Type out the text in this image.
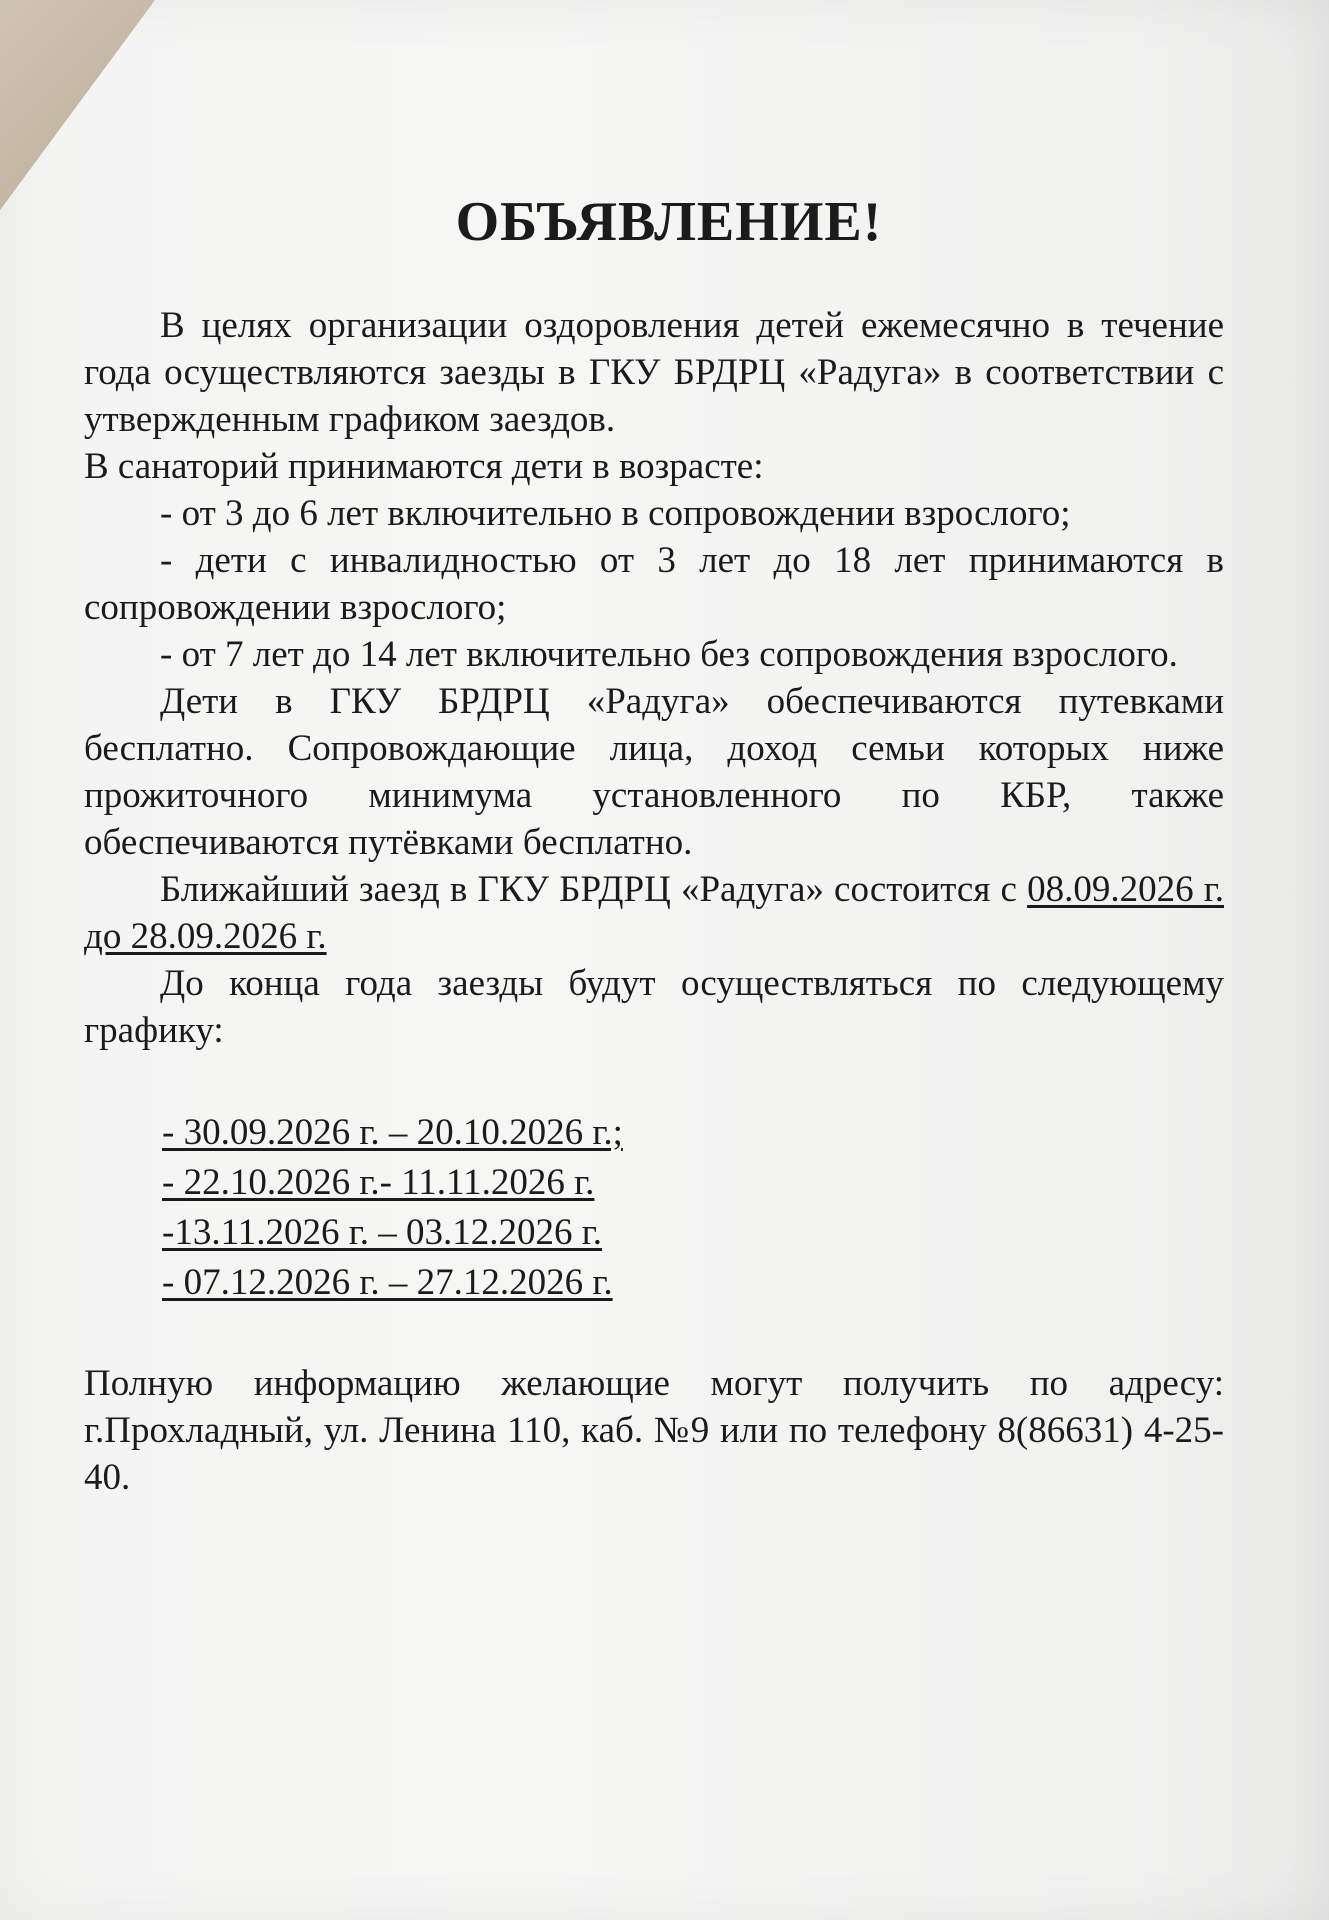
ОБЪЯВЛЕНИЕ!

В целях организации оздоровления детей ежемесячно в течение года осуществляются заезды в ГКУ БРДРЦ «Радуга» в соответствии с утвержденным графиком заездов.

В санаторий принимаются дети в возрасте:

- от 3 до 6 лет включительно в сопровождении взрослого;

- дети с инвалидностью от 3 лет до 18 лет принимаются в сопровождении взрослого;

- от 7 лет до 14 лет включительно без сопровождения взрослого.

Дети в ГКУ БРДРЦ «Радуга» обеспечиваются путевками бесплатно. Сопровождающие лица, доход семьи которых ниже прожиточного минимума установленного по КБР, также обеспечиваются путёвками бесплатно.

Ближайший заезд в ГКУ БРДРЦ «Радуга» состоится с 08.09.2026 г. до 28.09.2026 г.

До конца года заезды будут осуществляться по следующему графику:

- 30.09.2026 г. – 20.10.2026 г.;
- 22.10.2026 г.- 11.11.2026 г.
-13.11.2026 г. – 03.12.2026 г.
- 07.12.2026 г. – 27.12.2026 г.

Полную информацию желающие могут получить по адресу: г.Прохладный, ул. Ленина 110, каб. №9 или по телефону 8(86631) 4-25-40.
